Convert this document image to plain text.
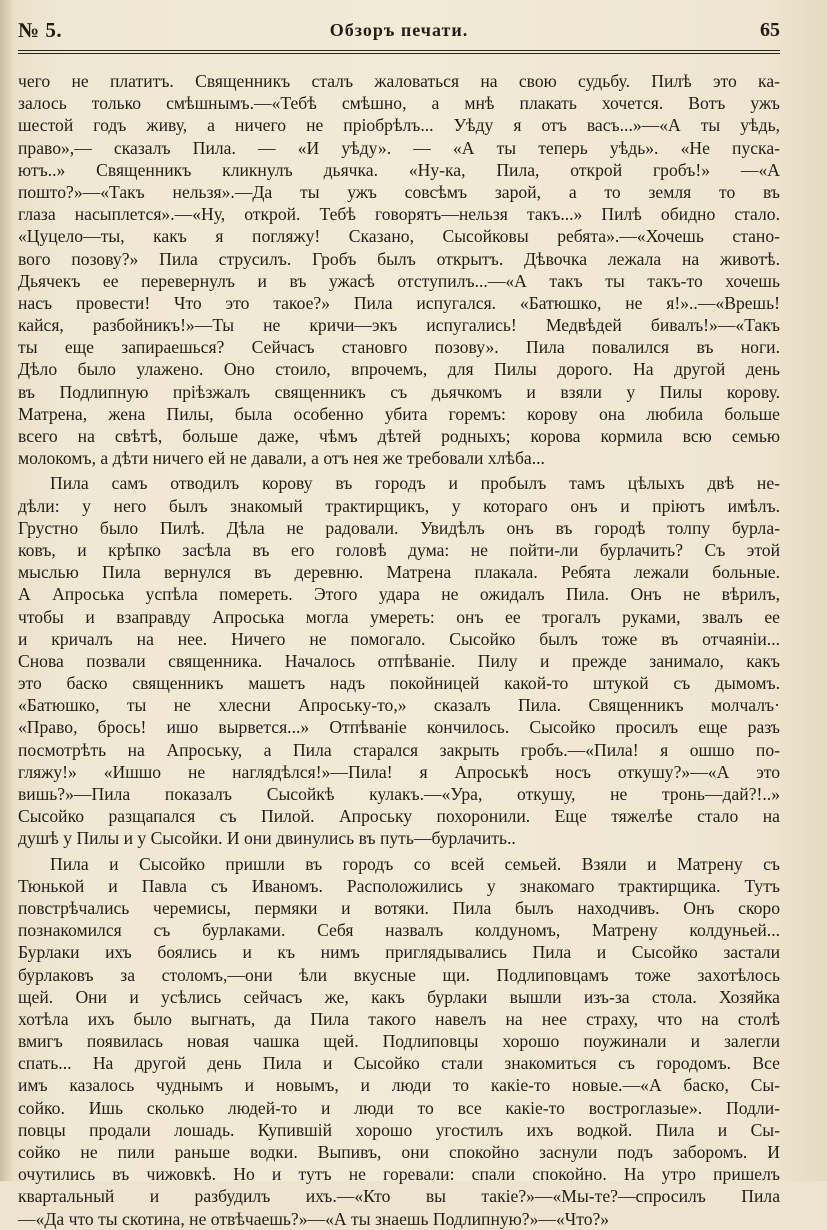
№ 5.	Обзоръ печати.	65
чего не платитъ. Священникъ сталъ жаловаться на свою судьбу. Пилѣ это ка-
залось только смѣшнымъ.—«Тебѣ смѣшно, а мнѣ плакать хочется. Вотъ ужъ
шестой годъ живу, а ничего не пріобрѣлъ... Уѣду я отъ васъ...»—«А ты уѣдь,
право»,— сказалъ Пила. — «И уѣду». — «А ты теперь уѣдь». «Не пуска-
ютъ..» Священникъ кликнулъ дьячка. «Ну-ка, Пила, открой гробъ!» —«А
пошто?»—«Такъ нельзя».—Да ты ужъ совсѣмъ зарой, а то земля то въ
глаза насыплется».—«Ну, открой. Тебѣ говорятъ—нельзя такъ...» Пилѣ обидно стало.
«Цуцело—ты, какъ я погляжу! Сказано, Сысойковы ребята».—«Хочешь стано-
вого позову?» Пила струсилъ. Гробъ былъ открытъ. Дѣвочка лежала на животѣ.
Дьячекъ ее перевернулъ и въ ужасѣ отступилъ...—«А такъ ты такъ-то хочешь
насъ провести! Что это такое?» Пила испугался. «Батюшко, не я!»..—«Врешь!
кайся, разбойникъ!»—Ты не кричи—экъ испугались! Медвѣдей бивалъ!»—«Такъ
ты еще запираешься? Сейчасъ становго позову». Пила повалился въ ноги.
Дѣло было улажено. Оно стоило, впрочемъ, для Пилы дорого. На другой день
въ Подлипную пріѣзжалъ священникъ съ дьячкомъ и взяли у Пилы корову.
Матрена, жена Пилы, была особенно убита горемъ: корову она любила больше
всего на свѣтѣ, больше даже, чѣмъ дѣтей родныхъ; корова кормила всю семью
молокомъ, а дѣти ничего ей не давали, а отъ нея же требовали хлѣба...
Пила самъ отводилъ корову въ городъ и пробылъ тамъ цѣлыхъ двѣ не-
дѣли: у него былъ знакомый трактирщикъ, у котораго онъ и пріютъ имѣлъ.
Грустно было Пилѣ. Дѣла не радовали. Увидѣлъ онъ въ городѣ толпу бурла-
ковъ, и крѣпко засѣла въ его головѣ дума: не пойти-ли бурлачить? Съ этой
мыслью Пила вернулся въ деревню. Матрена плакала. Ребята лежали больные.
А Апроська успѣла помереть. Этого удара не ожидалъ Пила. Онъ не вѣрилъ,
чтобы и взаправду Апроська могла умереть: онъ ее трогалъ руками, звалъ ее
и кричалъ на нее. Ничего не помогало. Сысойко былъ тоже въ отчаяніи...
Снова позвали священника. Началось отпѣваніе. Пилу и прежде занимало, какъ
это баско священникъ машетъ надъ покойницей какой-то штукой съ дымомъ.
«Батюшко, ты не хлесни Апроську-то,» сказалъ Пила. Священникъ молчалъ·
«Право, брось! ишо вырвется...» Отпѣваніе кончилось. Сысойко просилъ еще разъ
посмотрѣть на Апроську, а Пила старался закрыть гробъ.—«Пила! я ошшо по-
гляжу!» «Ишшо не наглядѣлся!»—Пила! я Апроськѣ носъ откушу?»—«А это
вишь?»—Пила показалъ Сысойкѣ кулакъ.—«Ура, откушу, не тронь—дай?!..»
Сысойко разщапался съ Пилой. Апроську похоронили. Еще тяжелѣе стало на
душѣ у Пилы и у Сысойки. И они двинулись въ путь—бурлачить..
Пила и Сысойко пришли въ городъ со всей семьей. Взяли и Матрену съ
Тюнькой и Павла съ Иваномъ. Расположились у знакомаго трактирщика. Тутъ
повстрѣчались черемисы, пермяки и вотяки. Пила былъ находчивъ. Онъ скоро
познакомился съ бурлаками. Себя назвалъ колдуномъ, Матрену колдуньей...
Бурлаки ихъ боялись и къ нимъ приглядывались Пила и Сысойко застали
бурлаковъ за столомъ,—они ѣли вкусные щи. Подлиповцамъ тоже захотѣлось
щей. Они и усѣлись сейчасъ же, какъ бурлаки вышли изъ-за стола. Хозяйка
хотѣла ихъ было выгнать, да Пила такого навелъ на нее страху, что на столѣ
вмигъ появилась новая чашка щей. Подлиповцы хорошо поужинали и залегли
спать... На другой день Пила и Сысойко стали знакомиться съ городомъ. Все
имъ казалось чуднымъ и новымъ, и люди то какіе-то новые.—«А баско, Сы-
сойко. Ишь сколько людей-то и люди то все какіе-то востроглазые». Подли-
повцы продали лошадь. Купившій хорошо угостилъ ихъ водкой. Пила и Сы-
сойко не пили раньше водки. Выпивъ, они спокойно заснули подъ заборомъ. И
очутились въ чижовкѣ. Но и тутъ не горевали: спали спокойно. На утро пришелъ
квартальный и разбудилъ ихъ.—«Кто вы такіе?»—«Мы-те?—спросилъ Пила
—«Да что ты скотина, не отвѣчаешь?»—«А ты знаешь Подлипную?»—«Что?»
